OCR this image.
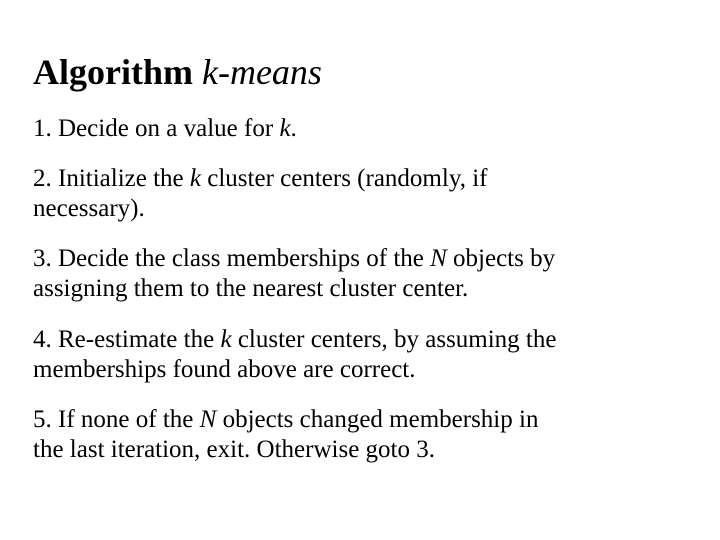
Algorithm k-means
1. Decide on a value for k.
2. Initialize the k cluster centers (randomly, if
necessary).
3. Decide the class memberships of the N objects by
assigning them to the nearest cluster center.
4. Re-estimate the k cluster centers, by assuming the
memberships found above are correct.
5. If none of the N objects changed membership in
the last iteration, exit. Otherwise goto 3.
